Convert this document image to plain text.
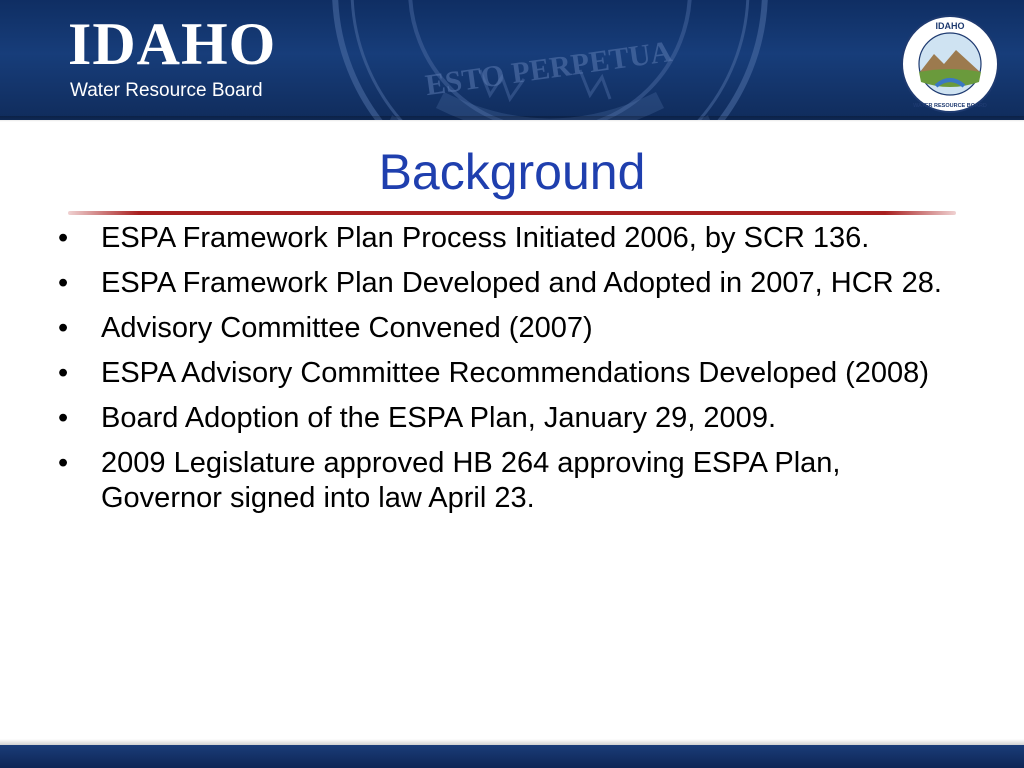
ESTO PERPETUA
IDAHO
Water Resource Board
IDAHO
WATER RESOURCE BOARD
Background
• ESPA Framework Plan Process Initiated 2006, by SCR 136.
• ESPA Framework Plan Developed and Adopted in 2007, HCR 28.
• Advisory Committee Convened (2007)
• ESPA Advisory Committee Recommendations Developed (2008)
• Board Adoption of the ESPA Plan, January 29, 2009.
• 2009 Legislature approved HB 264 approving ESPA Plan, Governor signed into law April 23.
